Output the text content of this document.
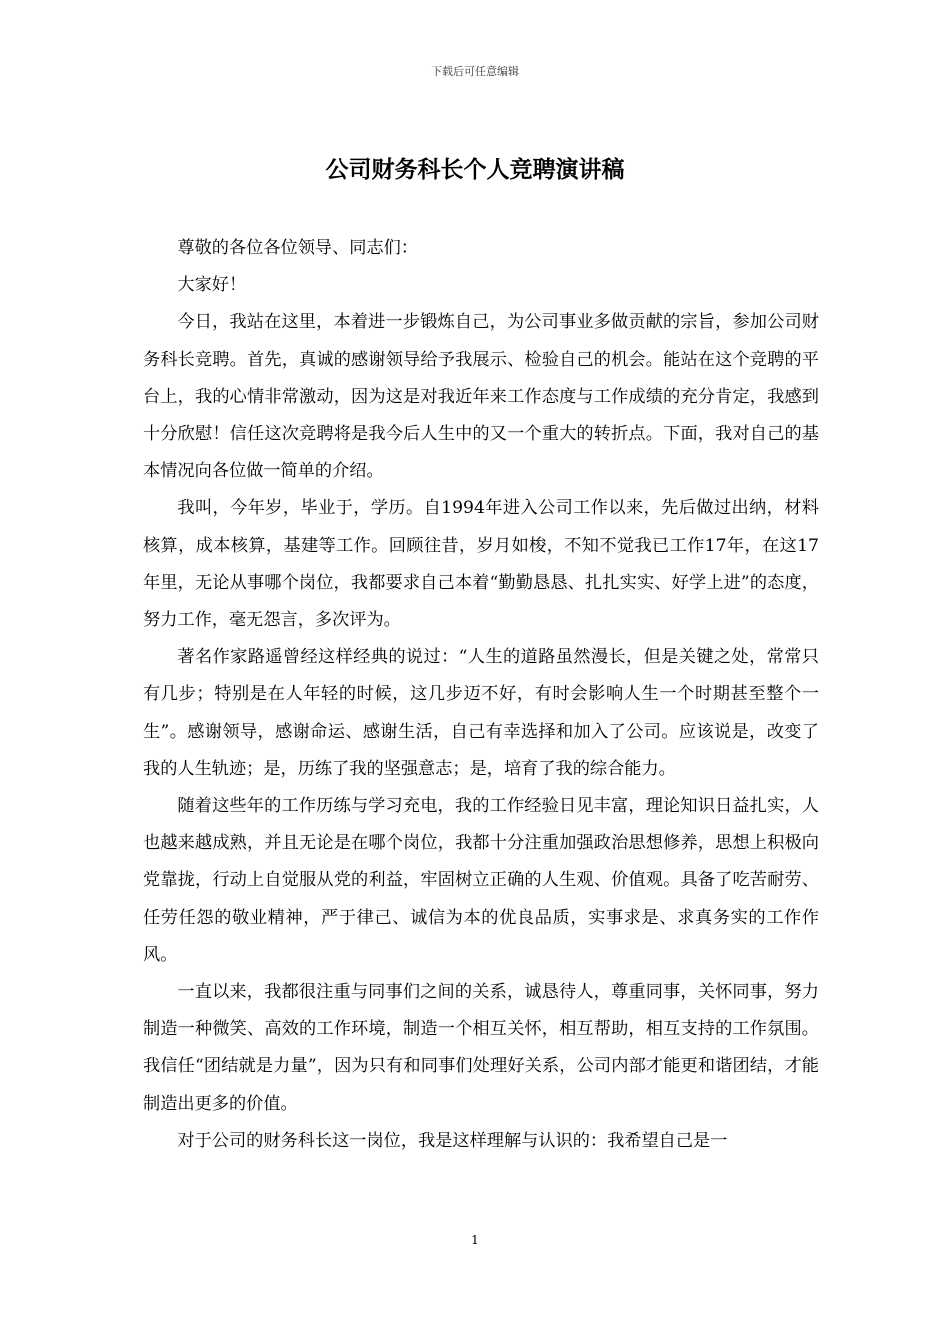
下载后可任意编辑
公司财务科长个人竞聘演讲稿

尊敬的各位各位领导、同志们：

大家好！

今日，我站在这里，本着进一步锻炼自己，为公司事业多做贡献的宗旨，参加公司财务科长竞聘。首先，真诚的感谢领导给予我展示、检验自己的机会。能站在这个竞聘的平台上，我的心情非常激动，因为这是对我近年来工作态度与工作成绩的充分肯定，我感到十分欣慰！信任这次竞聘将是我今后人生中的又一个重大的转折点。下面，我对自己的基本情况向各位做一简单的介绍。

我叫，今年岁，毕业于，学历。自1994年进入公司工作以来，先后做过出纳，材料核算，成本核算，基建等工作。回顾往昔，岁月如梭，不知不觉我已工作17年，在这17年里，无论从事哪个岗位，我都要求自己本着“勤勤恳恳、扎扎实实、好学上进”的态度，努力工作，毫无怨言，多次评为。

著名作家路遥曾经这样经典的说过：“人生的道路虽然漫长，但是关键之处，常常只有几步；特别是在人年轻的时候，这几步迈不好，有时会影响人生一个时期甚至整个一生”。感谢领导，感谢命运、感谢生活，自己有幸选择和加入了公司。应该说是，改变了我的人生轨迹；是，历练了我的坚强意志；是，培育了我的综合能力。

随着这些年的工作历练与学习充电，我的工作经验日见丰富，理论知识日益扎实，人也越来越成熟，并且无论是在哪个岗位，我都十分注重加强政治思想修养，思想上积极向党靠拢，行动上自觉服从党的利益，牢固树立正确的人生观、价值观。具备了吃苦耐劳、任劳任怨的敬业精神，严于律己、诚信为本的优良品质，实事求是、求真务实的工作作风。

一直以来，我都很注重与同事们之间的关系，诚恳待人，尊重同事，关怀同事，努力制造一种微笑、高效的工作环境，制造一个相互关怀，相互帮助，相互支持的工作氛围。我信任“团结就是力量”，因为只有和同事们处理好关系，公司内部才能更和谐团结，才能制造出更多的价值。

对于公司的财务科长这一岗位，我是这样理解与认识的：我希望自己是一

1
